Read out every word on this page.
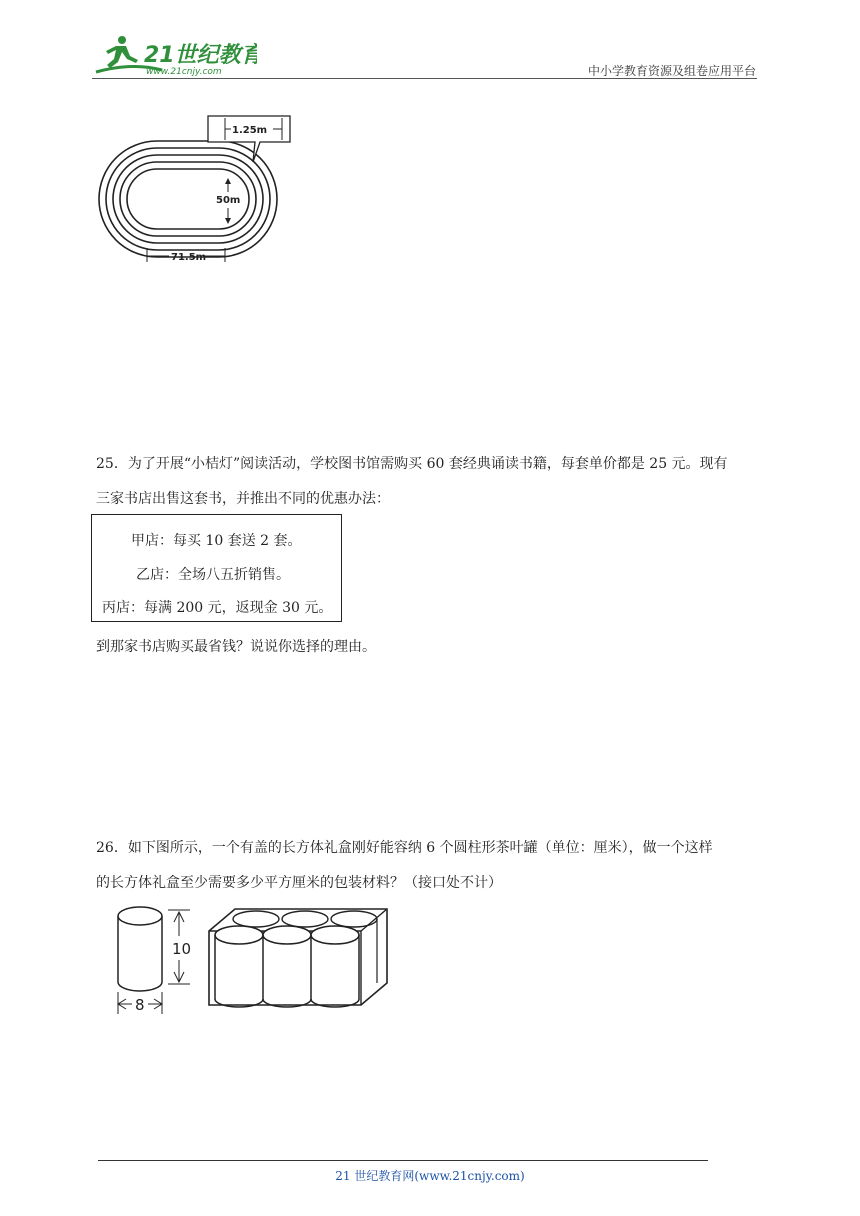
21世纪教育
www.21cnjy.com	中小学教育资源及组卷应用平台
1.25m
50m
71.5m
25．为了开展“小桔灯”阅读活动，学校图书馆需购买 60 套经典诵读书籍，每套单价都是 25 元。现有
三家书店出售这套书，并推出不同的优惠办法：
甲店：每买 10 套送 2 套。
乙店：全场八五折销售。
丙店：每满 200 元，返现金 30 元。
到那家书店购买最省钱？说说你选择的理由。
26．如下图所示，一个有盖的长方体礼盒刚好能容纳 6 个圆柱形茶叶罐（单位：厘米），做一个这样
的长方体礼盒至少需要多少平方厘米的包装材料？（接口处不计）
10
8
21 世纪教育网(www.21cnjy.com)
